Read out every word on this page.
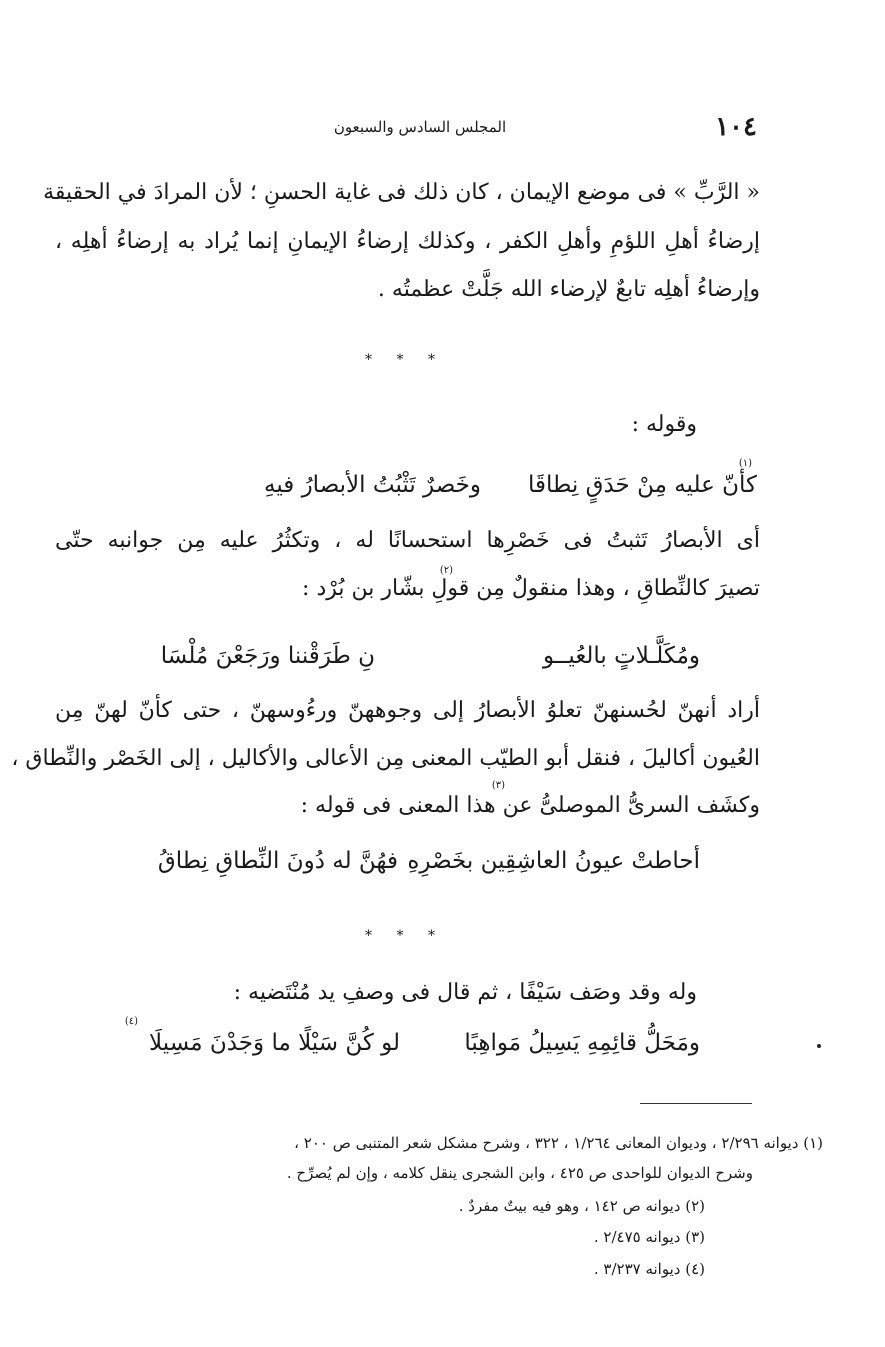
١٠٤
المجلس السادس والسبعون
« الرَّبِّ » فى موضع الإيمان ، كان ذلك فى غاية الحسنِ ؛ لأن المرادَ في الحقيقة
إرضاءُ أهلِ اللؤمِ وأهلِ الكفر ، وكذلك إرضاءُ الإيمانِ إنما يُراد به إرضاءُ أهلِه ،
وإرضاءُ أهلِه تابعٌ لإرضاء الله جَلَّتْ عظمتُه .
* * *
وقوله :
وخَصرٌ تَثْبُتُ الأبصارُ فيهِ كأنّ عليه مِنْ حَدَقٍ نِطاقَا
(١)
أى الأبصارُ تَثبتُ فى خَصْرِها استحسانًا له ، وتكثُرُ عليه مِن جوانبه حتّى
تصيرَ كالنِّطاقِ ، وهذا منقولٌ مِن قولِ بشّار بن بُرْد :
(٢)
ومُكَلَّـلاتٍ بالعُيــو
نِ طَرَقْننا ورَجَعْنَ مُلْسَا
أراد أنهنّ لحُسنهنّ تعلوُ الأبصارُ إلى وجوههنّ ورءُوسهنّ ، حتى كأنّ لهنّ مِن
العُيون أكاليلَ ، فنقل أبو الطيّب المعنى مِن الأعالى والأكاليل ، إلى الخَصْر والنِّطاق ،
وكشَف السرىُّ الموصلىُّ عن هذا المعنى فى قوله :
(٣)
أحاطتْ عيونُ العاشِقِين بخَصْرِهِ
فهُنَّ له دُونَ النِّطاقِ نِطاقُ
* * *
وله وقد وصَف سَيْفًا ، ثم قال فى وصفِ يد مُنْتَضيه :
ومَحَلُّ قائِمِهِ يَسِيلُ مَواهِبًا
لو كُنَّ سَيْلًا ما وَجَدْنَ مَسِيلَا
(٤)
(١) ديوانه ٢/٢٩٦ ، وديوان المعانى ١/٢٦٤ ، ٣٢٢ ، وشرح مشكل شعر المتنبى ص ٢٠٠ ،
وشرح الديوان للواحدى ص ٤٢٥ ، وابن الشجرى ينقل كلامه ، وإن لم يُصرِّح .
(٢) ديوانه ص ١٤٢ ، وهو فيه بيتٌ مفردٌ .
(٣) ديوانه ٢/٤٧٥ .
(٤) ديوانه ٣/٢٣٧ .
